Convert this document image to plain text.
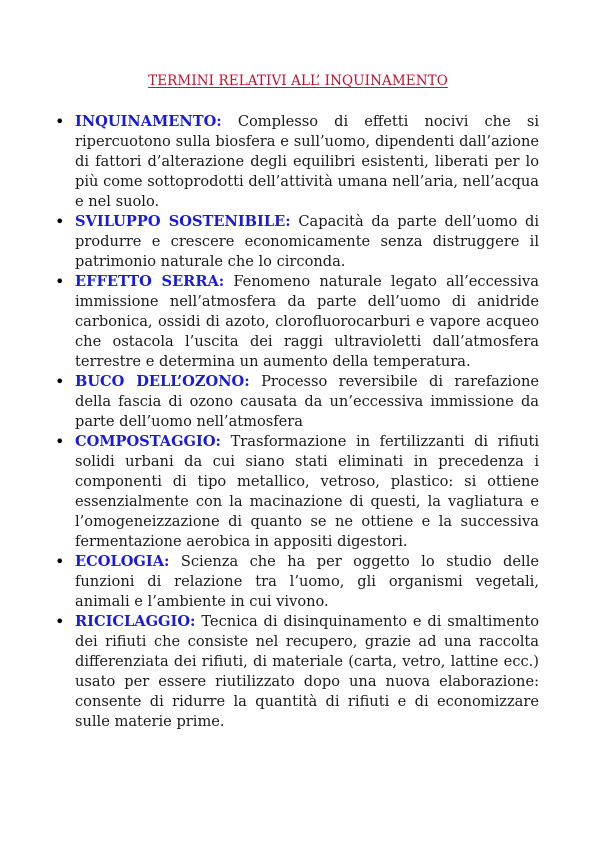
TERMINI RELATIVI ALL’ INQUINAMENTO
• INQUINAMENTO: Complesso di effetti nocivi che si ripercuotono sulla biosfera e sull’uomo, dipendenti dall’azione di fattori d’alterazione degli equilibri esistenti, liberati per lo più come sottoprodotti dell’attività umana nell’aria, nell’acqua e nel suolo.
• SVILUPPO SOSTENIBILE: Capacità da parte dell’uomo di produrre e crescere economicamente senza distruggere il patrimonio naturale che lo circonda.
• EFFETTO SERRA: Fenomeno naturale legato all’eccessiva immissione nell’atmosfera da parte dell’uomo di anidride carbonica, ossidi di azoto, clorofluorocarburi e vapore acqueo che ostacola l’uscita dei raggi ultravioletti dall’atmosfera terrestre e determina un aumento della temperatura.
• BUCO DELL’OZONO: Processo reversibile di rarefazione della fascia di ozono causata da un’eccessiva immissione da parte dell’uomo nell’atmosfera
• COMPOSTAGGIO: Trasformazione in fertilizzanti di rifiuti solidi urbani da cui siano stati eliminati in precedenza i componenti di tipo metallico, vetroso, plastico: si ottiene essenzialmente con la macinazione di questi, la vagliatura e l’omogeneizzazione di quanto se ne ottiene e la successiva fermentazione aerobica in appositi digestori.
• ECOLOGIA: Scienza che ha per oggetto lo studio delle funzioni di relazione tra l’uomo, gli organismi vegetali, animali e l’ambiente in cui vivono.
• RICICLAGGIO: Tecnica di disinquinamento e di smaltimento dei rifiuti che consiste nel recupero, grazie ad una raccolta differenziata dei rifiuti, di materiale (carta, vetro, lattine ecc.) usato per essere riutilizzato dopo una nuova elaborazione: consente di ridurre la quantità di rifiuti e di economizzare sulle materie prime.
